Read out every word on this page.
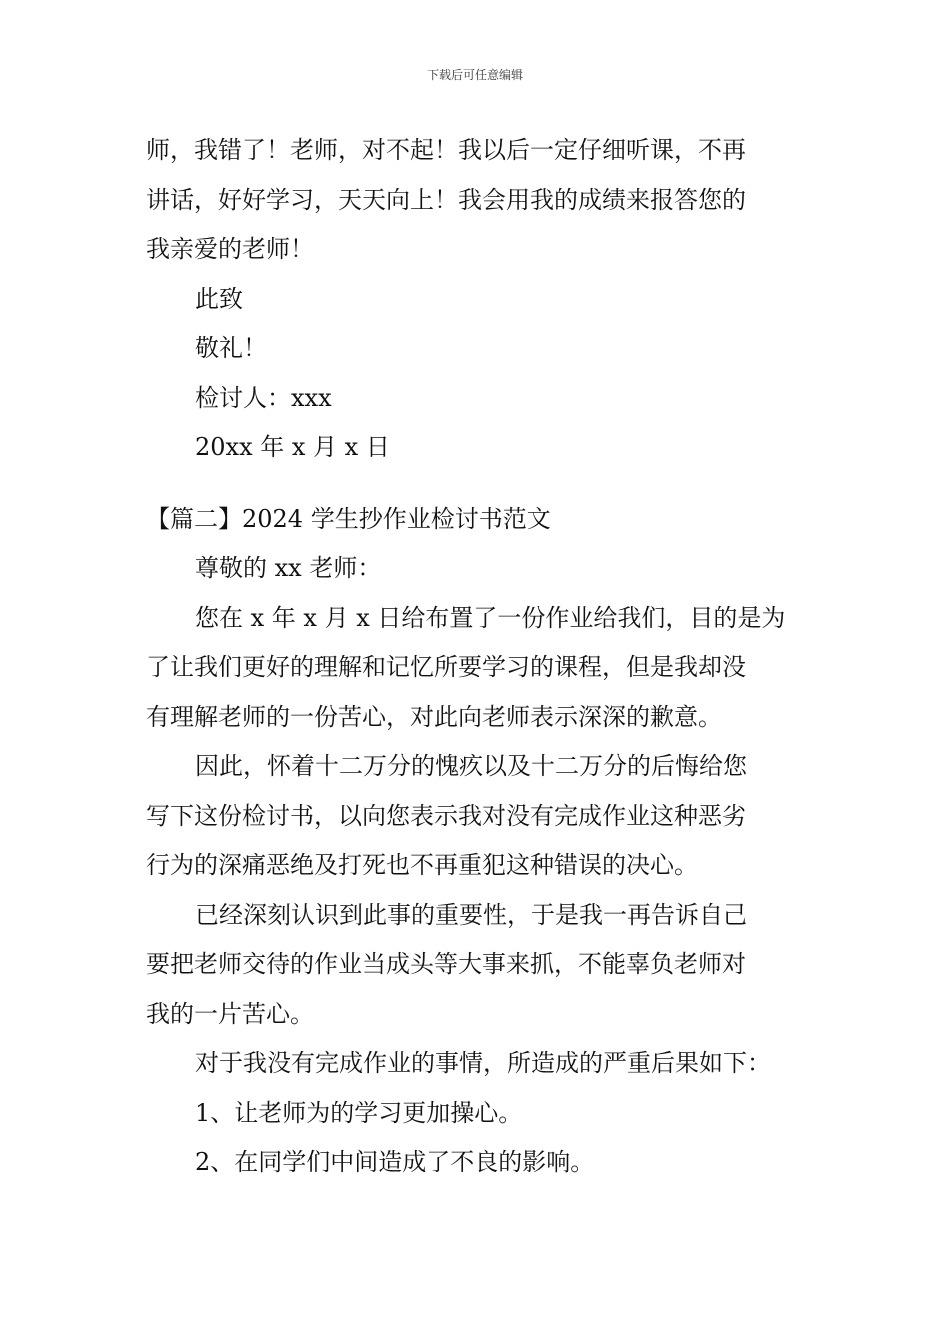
下载后可任意编辑
师，我错了！老师，对不起！我以后一定仔细听课，不再
讲话，好好学习，天天向上！我会用我的成绩来报答您的
我亲爱的老师！
此致
敬礼！
检讨人：xxx
20xx 年 x 月 x 日
【篇二】2024 学生抄作业检讨书范文
尊敬的 xx 老师：
您在 x 年 x 月 x 日给布置了一份作业给我们，目的是为
了让我们更好的理解和记忆所要学习的课程，但是我却没
有理解老师的一份苦心，对此向老师表示深深的歉意。
因此，怀着十二万分的愧疚以及十二万分的后悔给您
写下这份检讨书，以向您表示我对没有完成作业这种恶劣
行为的深痛恶绝及打死也不再重犯这种错误的决心。
已经深刻认识到此事的重要性，于是我一再告诉自己
要把老师交待的作业当成头等大事来抓，不能辜负老师对
我的一片苦心。
对于我没有完成作业的事情，所造成的严重后果如下：
1、让老师为的学习更加操心。
2、在同学们中间造成了不良的影响。
